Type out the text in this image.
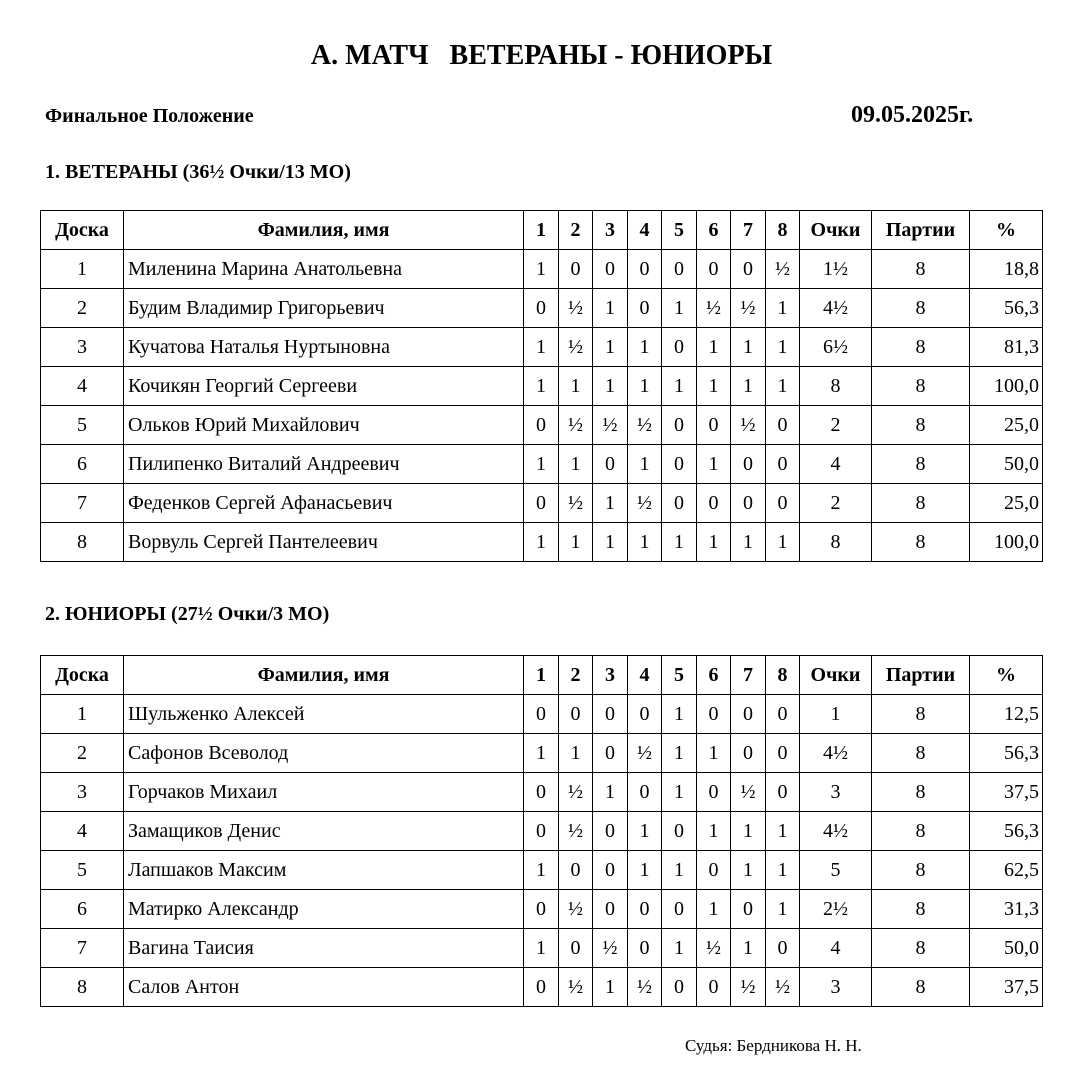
А. МАТЧ   ВЕТЕРАНЫ - ЮНИОРЫ
Финальное Положение	09.05.2025г.
1. ВЕТЕРАНЫ (36½ Очки/13 МО)
Доска	Фамилия, имя	1	2	3	4	5	6	7	8	Очки	Партии	%
1	Миленина Марина Анатольевна	1	0	0	0	0	0	0	½	1½	8	18,8
2	Будим Владимир Григорьевич	0	½	1	0	1	½	½	1	4½	8	56,3
3	Кучатова Наталья Нуртыновна	1	½	1	1	0	1	1	1	6½	8	81,3
4	Кочикян Георгий Сергееви	1	1	1	1	1	1	1	1	8	8	100,0
5	Ольков Юрий Михайлович	0	½	½	½	0	0	½	0	2	8	25,0
6	Пилипенко Виталий Андреевич	1	1	0	1	0	1	0	0	4	8	50,0
7	Феденков Сергей Афанасьевич	0	½	1	½	0	0	0	0	2	8	25,0
8	Ворвуль Сергей Пантелеевич	1	1	1	1	1	1	1	1	8	8	100,0
2. ЮНИОРЫ (27½ Очки/3 МО)
Доска	Фамилия, имя	1	2	3	4	5	6	7	8	Очки	Партии	%
1	Шульженко Алексей	0	0	0	0	1	0	0	0	1	8	12,5
2	Сафонов Всеволод	1	1	0	½	1	1	0	0	4½	8	56,3
3	Горчаков Михаил	0	½	1	0	1	0	½	0	3	8	37,5
4	Замащиков Денис	0	½	0	1	0	1	1	1	4½	8	56,3
5	Лапшаков Максим	1	0	0	1	1	0	1	1	5	8	62,5
6	Матирко Александр	0	½	0	0	0	1	0	1	2½	8	31,3
7	Вагина Таисия	1	0	½	0	1	½	1	0	4	8	50,0
8	Салов Антон	0	½	1	½	0	0	½	½	3	8	37,5
Судья: Бердникова Н. Н.
